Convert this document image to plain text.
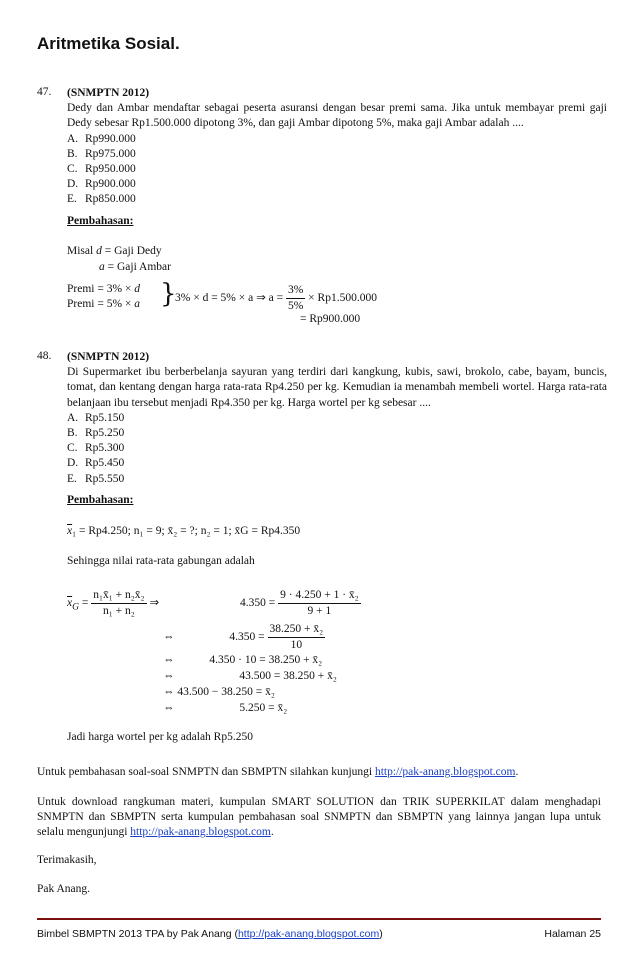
Aritmetika Sosial.
47.	(SNMPTN 2012)

Dedy dan Ambar mendaftar sebagai peserta asuransi dengan besar premi sama. Jika untuk membayar premi gaji Dedy sebesar Rp1.500.000 dipotong 3%, dan gaji Ambar dipotong 5%, maka gaji Ambar adalah ....

A. Rp990.000
B. Rp975.000
C. Rp950.000
D. Rp900.000
E. Rp850.000
Pembahasan:
Misal d = Gaji Dedy
a = Gaji Ambar
Premi = 3% × d
Premi = 5% × a }
3% × d = 5% × a ⇒ $a = \frac{3\%}{5\%} \times Rp1.500.000$
= Rp900.000
48.	(SNMPTN 2012)

Di Supermarket ibu berberbelanja sayuran yang terdiri dari kangkung, kubis, sawi, brokolo, cabe, bayam, buncis, tomat, dan kentang dengan harga rata-rata Rp4.250 per kg. Kemudian ia menambah membeli wortel. Harga rata-rata belanjaan ibu tersebut menjadi Rp4.350 per kg. Harga wortel per kg sebesar ....

A. Rp5.150
B. Rp5.250
C. Rp5.300
D. Rp5.450
E. Rp5.550
Pembahasan:
$\overline{x}_1 = Rp4.250$; n₁ = 9; x̄₂ = ?; n₂ = 1; x̄G = Rp4.350
Sehingga nilai rata-rata gabungan adalah
$\overline{x}_G = \frac{\text{n₁x̄₁ + n₂x̄₂}}{\text{n₁ + n₂}}$ ⇒	$4.350 = \frac{\text{9 · 4.250 + 1 · x̄₂}}{9 + 1}$
⇔	$4.350 = \frac{\text{38.250 + x̄₂}}{10}$
⇔	4.350 · 10 = 38.250 + x̄₂
⇔	43.500 = 38.250 + x̄₂
⇔ 43.500 − 38.250 = x̄₂
⇔	5.250 = x̄₂
Jadi harga wortel per kg adalah Rp5.250
Untuk pembahasan soal-soal SNMPTN dan SBMPTN silahkan kunjungi http://pak-anang.blogspot.com.
Untuk download rangkuman materi, kumpulan SMART SOLUTION dan TRIK SUPERKILAT dalam menghadapi SNMPTN dan SBMPTN serta kumpulan pembahasan soal SNMPTN dan SBMPTN yang lainnya jangan lupa untuk selalu mengunjungi http://pak-anang.blogspot.com.
Terimakasih,
Pak Anang.
Bimbel SBMPTN 2013 TPA by Pak Anang (http://pak-anang.blogspot.com)	Halaman 25
